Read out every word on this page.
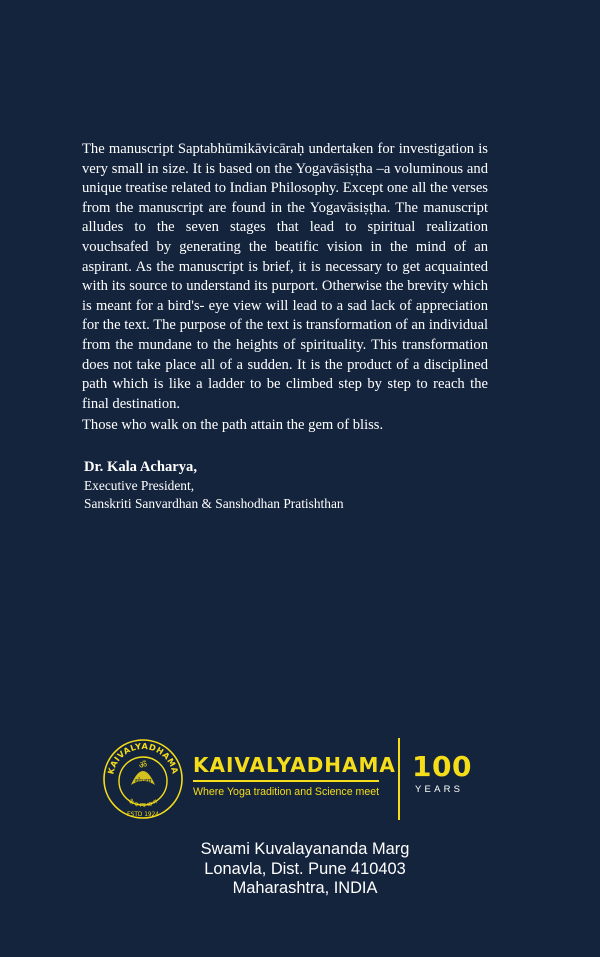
The manuscript Saptabhūmikāvicāraḥ undertaken for investigation is very small in size. It is based on the Yogavāsiṣṭha –a voluminous and unique treatise related to Indian Philosophy. Except one all the verses from the manuscript are found in the Yogavāsiṣṭha. The manuscript alludes to the seven stages that lead to spiritual realization vouchsafed by generating the beatific vision in the mind of an aspirant. As the manuscript is brief, it is necessary to get acquainted with its source to understand its purport. Otherwise the brevity which is meant for a bird's- eye view will lead to a sad lack of appreciation for the text. The purpose of the text is transformation of an individual from the mundane to the heights of spirituality. This transformation does not take place all of a sudden. It is the product of a disciplined path which is like a ladder to be climbed step by step to reach the final destination.
Those who walk on the path attain the gem of bliss.

Dr. Kala Acharya,

Executive President,

Sanskriti Sanvardhan & Sanshodhan Pratishthan

KAIVALYADHAMA
ॐ
सोऽहम्
कै व ल्य धा म
ESTD 1924

KAIVALYADHAMA

Where Yoga tradition and Science meet

100

YEARS

Swami Kuvalayananda Marg

Lonavla, Dist. Pune 410403

Maharashtra, INDIA
